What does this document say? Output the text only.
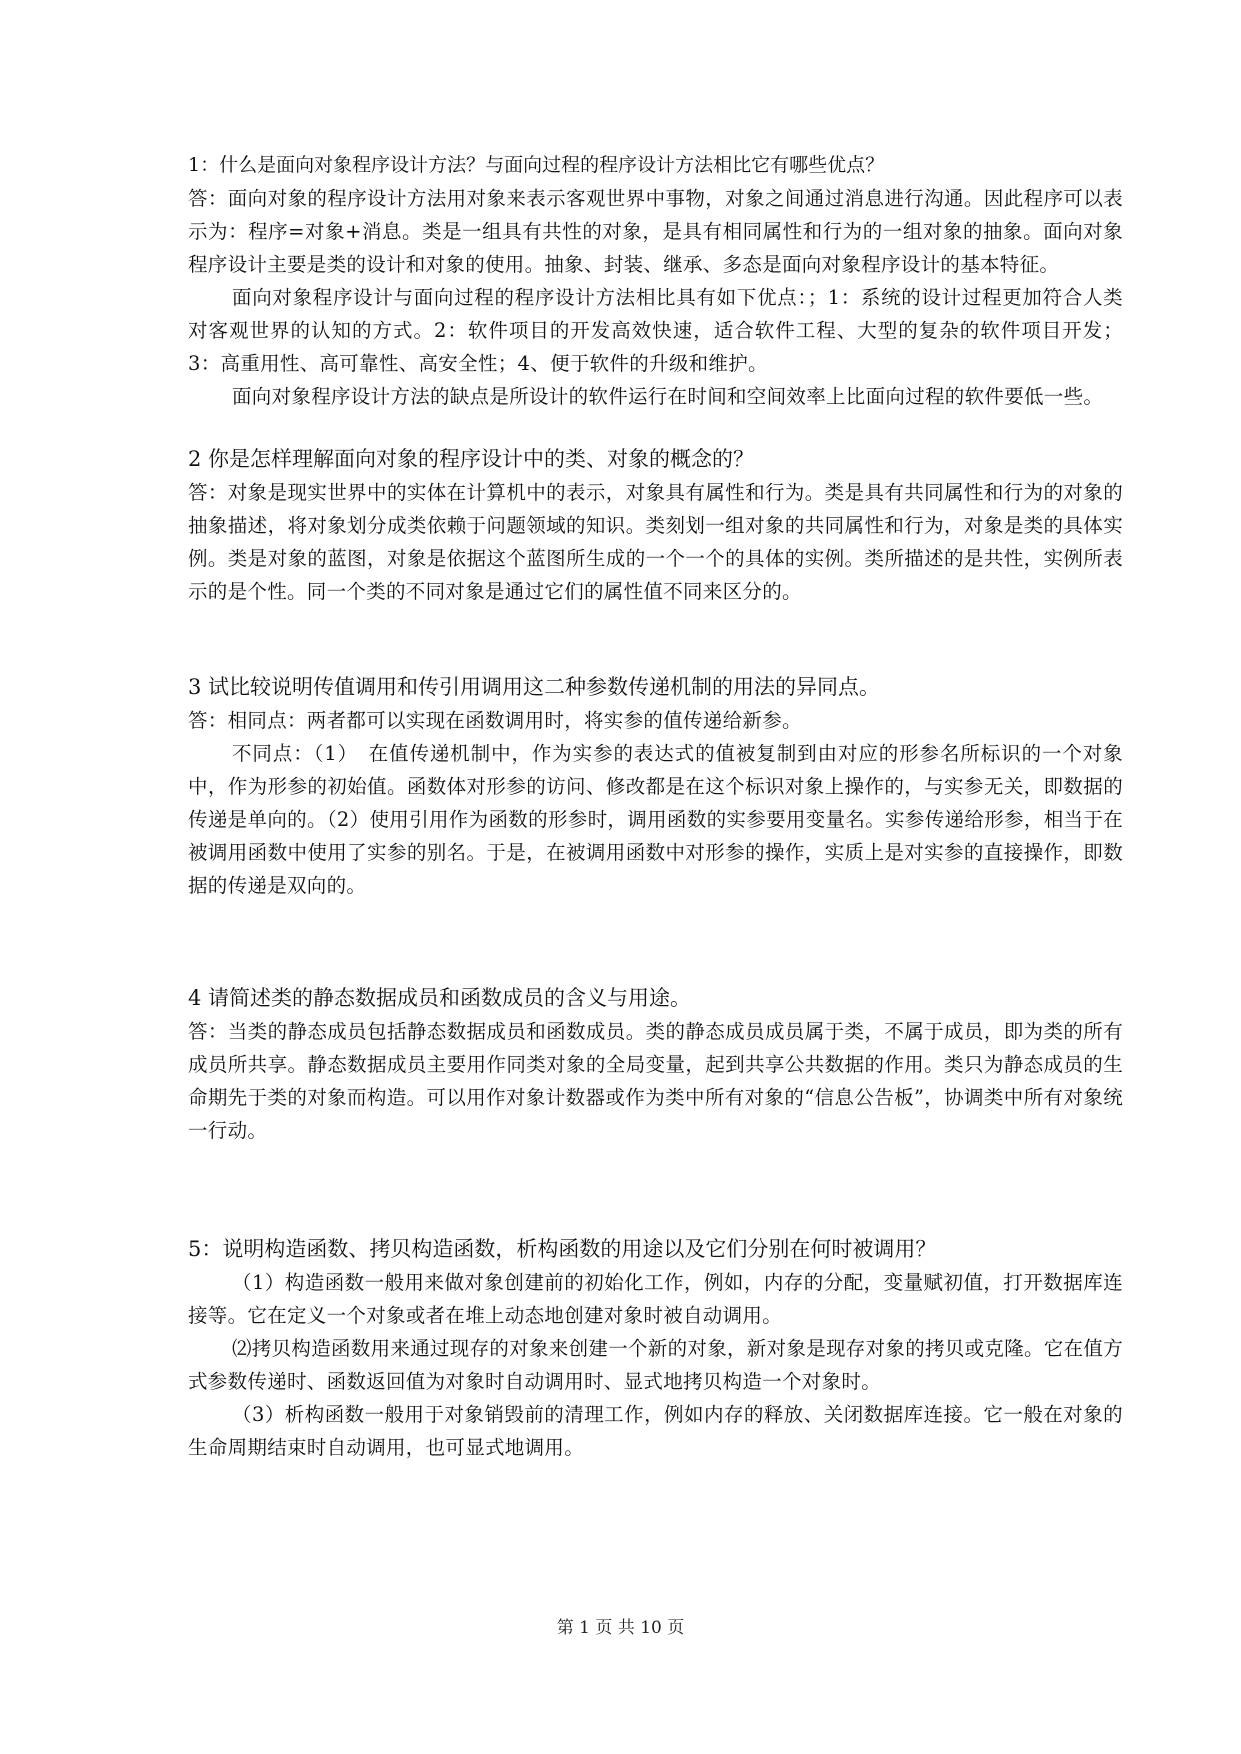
1：什么是面向对象程序设计方法？与面向过程的程序设计方法相比它有哪些优点？

答：面向对象的程序设计方法用对象来表示客观世界中事物，对象之间通过消息进行沟通。因此程序可以表示为：程序=对象+消息。类是一组具有共性的对象，是具有相同属性和行为的一组对象的抽象。面向对象程序设计主要是类的设计和对象的使用。抽象、封装、继承、多态是面向对象程序设计的基本特征。

面向对象程序设计与面向过程的程序设计方法相比具有如下优点：；1：系统的设计过程更加符合人类对客观世界的认知的方式。2：软件项目的开发高效快速，适合软件工程、大型的复杂的软件项目开发；3：高重用性、高可靠性、高安全性；4、便于软件的升级和维护。

面向对象程序设计方法的缺点是所设计的软件运行在时间和空间效率上比面向过程的软件要低一些。

2 你是怎样理解面向对象的程序设计中的类、对象的概念的？

答：对象是现实世界中的实体在计算机中的表示，对象具有属性和行为。类是具有共同属性和行为的对象的抽象描述，将对象划分成类依赖于问题领域的知识。类刻划一组对象的共同属性和行为，对象是类的具体实例。类是对象的蓝图，对象是依据这个蓝图所生成的一个一个的具体的实例。类所描述的是共性，实例所表示的是个性。同一个类的不同对象是通过它们的属性值不同来区分的。

3 试比较说明传值调用和传引用调用这二种参数传递机制的用法的异同点。

答：相同点：两者都可以实现在函数调用时，将实参的值传递给新参。

不同点：（1）　在值传递机制中，作为实参的表达式的值被复制到由对应的形参名所标识的一个对象中，作为形参的初始值。函数体对形参的访问、修改都是在这个标识对象上操作的，与实参无关，即数据的传递是单向的。（2）使用引用作为函数的形参时，调用函数的实参要用变量名。实参传递给形参，相当于在被调用函数中使用了实参的别名。于是，在被调用函数中对形参的操作，实质上是对实参的直接操作，即数据的传递是双向的。

4 请简述类的静态数据成员和函数成员的含义与用途。

答：当类的静态成员包括静态数据成员和函数成员。类的静态成员成员属于类，不属于成员，即为类的所有成员所共享。静态数据成员主要用作同类对象的全局变量，起到共享公共数据的作用。类只为静态成员的生命期先于类的对象而构造。可以用作对象计数器或作为类中所有对象的“信息公告板”，协调类中所有对象统一行动。

5：说明构造函数、拷贝构造函数，析构函数的用途以及它们分别在何时被调用？

（1）构造函数一般用来做对象创建前的初始化工作，例如，内存的分配，变量赋初值，打开数据库连接等。它在定义一个对象或者在堆上动态地创建对象时被自动调用。

⑵拷贝构造函数用来通过现存的对象来创建一个新的对象，新对象是现存对象的拷贝或克隆。它在值方式参数传递时、函数返回值为对象时自动调用时、显式地拷贝构造一个对象时。

（3）析构函数一般用于对象销毁前的清理工作，例如内存的释放、关闭数据库连接。它一般在对象的生命周期结束时自动调用，也可显式地调用。

第 1 页 共 10 页
